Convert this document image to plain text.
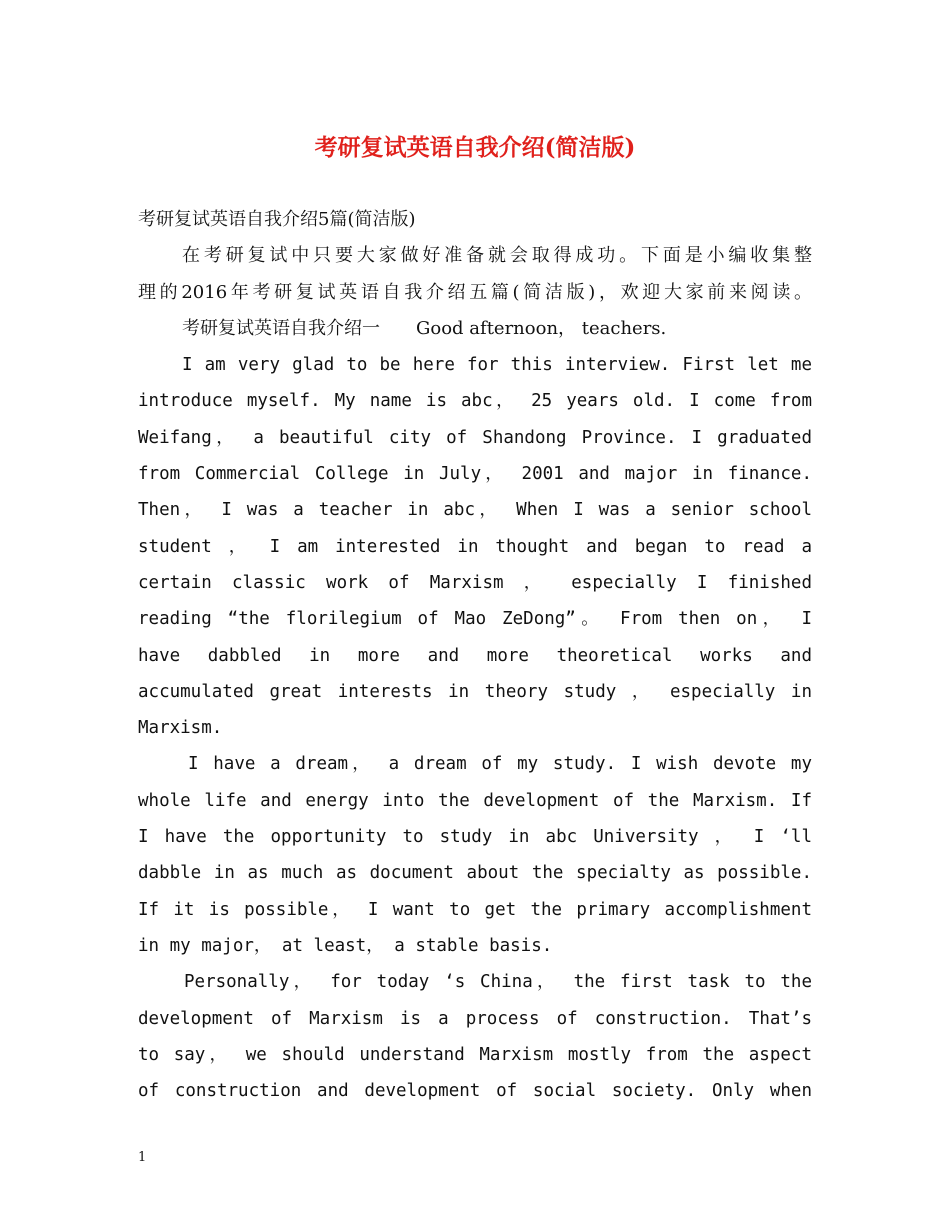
考研复试英语自我介绍(简洁版)
考研复试英语自我介绍5篇(简洁版)
在考研复试中只要大家做好准备就会取得成功。下面是小编收集整
理的2016年考研复试英语自我介绍五篇(简洁版)，欢迎大家前来阅读。
考研复试英语自我介绍一　　Good afternoon， teachers.
I am very glad to be here for this interview. First let me
introduce myself. My name is abc， 25 years old. I come from
Weifang， a beautiful city of Shandong Province. I graduated
from Commercial College in July， 2001 and major in finance.
Then， I was a teacher in abc， When I was a senior school
student ， I am interested in thought and began to read a
certain classic work of Marxism ， especially I finished
reading “the florilegium of Mao ZeDong”。 From then on， I
have dabbled in more and more theoretical works and
accumulated great interests in theory study ， especially in
Marxism.
I have a dream， a dream of my study. I wish devote my
whole life and energy into the development of the Marxism. If
I have the opportunity to study in abc University ， I ‘ll
dabble in as much as document about the specialty as possible.
If it is possible， I want to get the primary accomplishment
in my major， at least， a stable basis.
Personally， for today ‘s China， the first task to the
development of Marxism is a process of construction. That’s
to say， we should understand Marxism mostly from the aspect
of construction and development of social society. Only when
1
